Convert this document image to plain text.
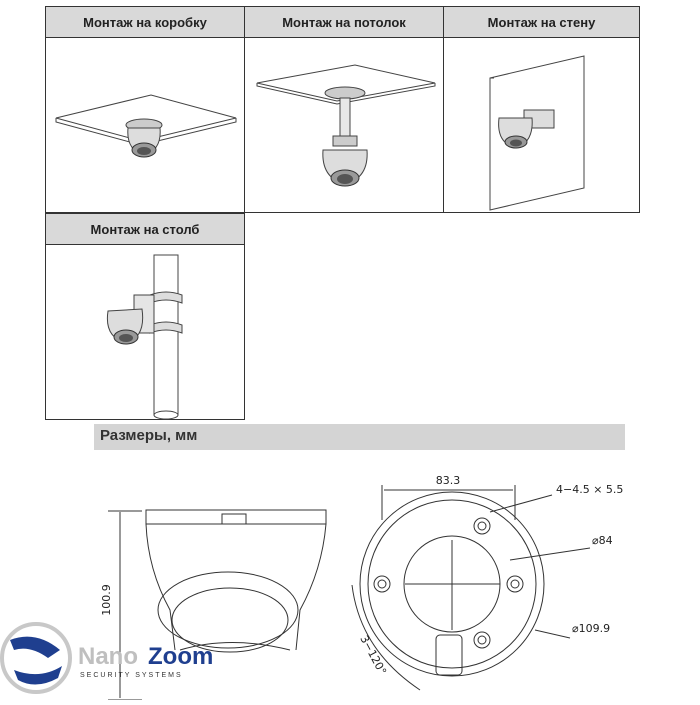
Монтаж на коробку	Монтаж на потолок	Монтаж на стену
Монтаж на столб
Размеры, мм
100.9
83.3
4−4.5 × 5.5
⌀84
⌀109.9
3−120°
Nano Zoom
SECURITY SYSTEMS
